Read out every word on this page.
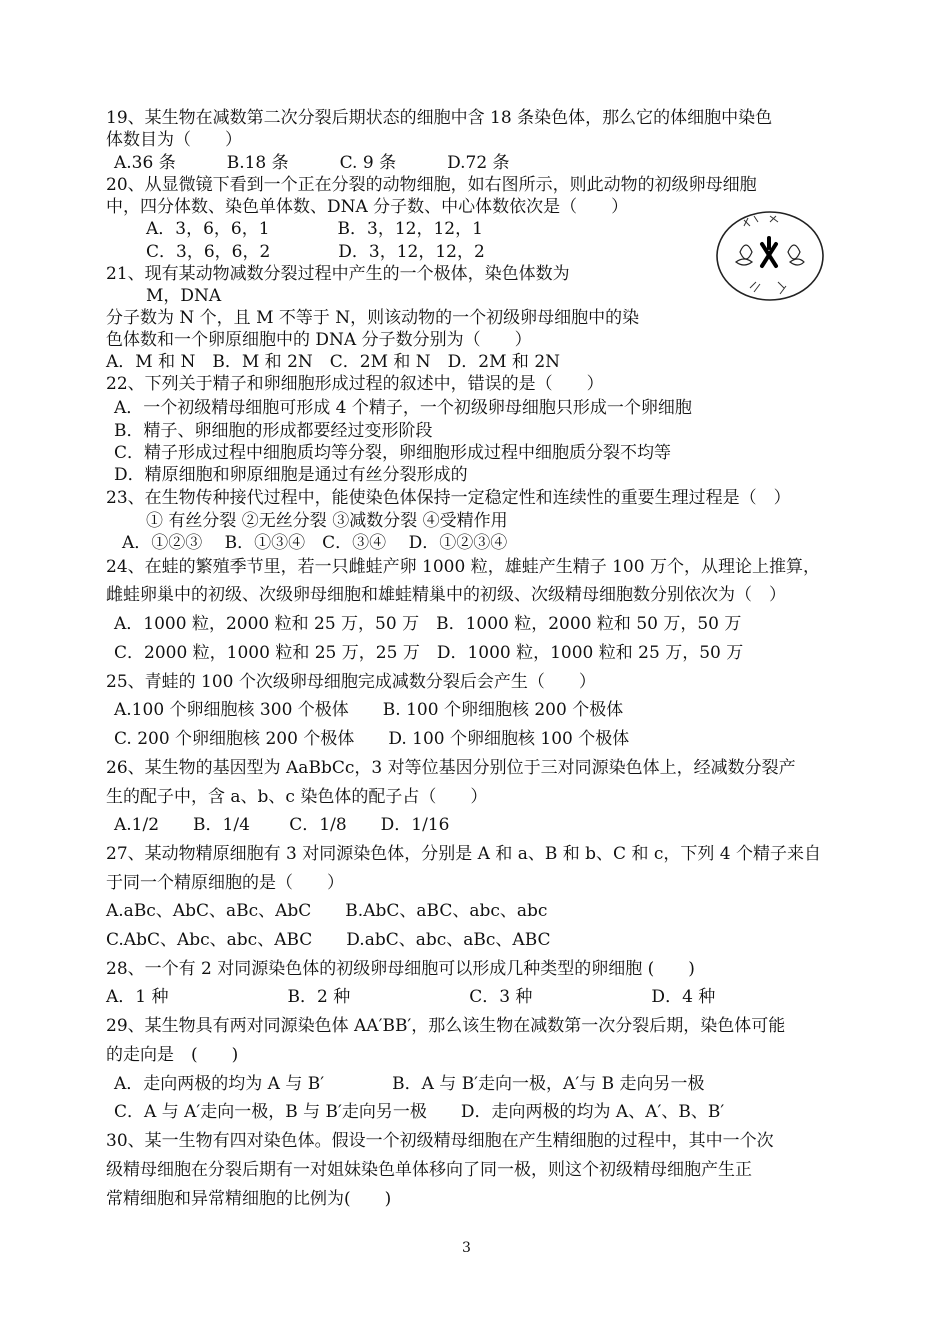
19、某生物在减数第二次分裂后期状态的细胞中含 18 条染色体，那么它的体细胞中染色
体数目为（　　）
A.36 条　　　B.18 条　　　C. 9 条　　　D.72 条
20、从显微镜下看到一个正在分裂的动物细胞，如右图所示，则此动物的初级卵母细胞
中，四分体数、染色单体数、DNA 分子数、中心体数依次是（　　）
A．3，6，6，1　　　　B．3，12，12，1
C．3，6，6，2　　　　D．3，12，12，2
21、现有某动物减数分裂过程中产生的一个极体，染色体数为
M，DNA
分子数为 N 个，且 M 不等于 N，则该动物的一个初级卵母细胞中的染
色体数和一个卵原细胞中的 DNA 分子数分别为（　　）
A．M 和 N　B．M 和 2N　C．2M 和 N　D．2M 和 2N
22、下列关于精子和卵细胞形成过程的叙述中，错误的是（　　）
A．一个初级精母细胞可形成 4 个精子，一个初级卵母细胞只形成一个卵细胞
B．精子、卵细胞的形成都要经过变形阶段
C．精子形成过程中细胞质均等分裂，卵细胞形成过程中细胞质分裂不均等
D．精原细胞和卵原细胞是通过有丝分裂形成的
23、在生物传种接代过程中，能使染色体保持一定稳定性和连续性的重要生理过程是（　）
① 有丝分裂 ②无丝分裂 ③减数分裂 ④受精作用
A．①②③　 B．①③④　C．③④　 D．①②③④
24、在蛙的繁殖季节里，若一只雌蛙产卵 1000 粒，雄蛙产生精子 100 万个，从理论上推算，
雌蛙卵巢中的初级、次级卵母细胞和雄蛙精巢中的初级、次级精母细胞数分别依次为（　）
A．1000 粒，2000 粒和 25 万，50 万　B．1000 粒，2000 粒和 50 万，50 万
C．2000 粒，1000 粒和 25 万，25 万　D．1000 粒，1000 粒和 25 万，50 万
25、青蛙的 100 个次级卵母细胞完成减数分裂后会产生（　　）
A.100 个卵细胞核 300 个极体　　B. 100 个卵细胞核 200 个极体
C. 200 个卵细胞核 200 个极体　　D. 100 个卵细胞核 100 个极体
26、某生物的基因型为 AaBbCc，3 对等位基因分别位于三对同源染色体上，经减数分裂产
生的配子中，含 a、b、c 染色体的配子占（　　）
A.1/2　　B．1/4　　 C．1/8　　D．1/16
27、某动物精原细胞有 3 对同源染色体，分别是 A 和 a、B 和 b、C 和 c，下列 4 个精子来自
于同一个精原细胞的是（　　）
A.aBc、AbC、aBc、AbC　　B.AbC、aBC、abc、abc
C.AbC、Abc、abc、ABC　　D.abC、abc、aBc、ABC
28、一个有 2 对同源染色体的初级卵母细胞可以形成几种类型的卵细胞 (　　)
A．1 种　　　　　　　B．2 种　　　　　　　C．3 种　　　　　　　D．4 种
29、某生物具有两对同源染色体 AA′BB′，那么该生物在减数第一次分裂后期，染色体可能
的走向是　(　　)
A．走向两极的均为 A 与 B′　　　　B．A 与 B′走向一极，A′与 B 走向另一极
C．A 与 A′走向一极，B 与 B′走向另一极　　D．走向两极的均为 A、A′、B、B′
30、某一生物有四对染色体。假设一个初级精母细胞在产生精细胞的过程中，其中一个次
级精母细胞在分裂后期有一对姐妹染色单体移向了同一极，则这个初级精母细胞产生正
常精细胞和异常精细胞的比例为(　　)
3
